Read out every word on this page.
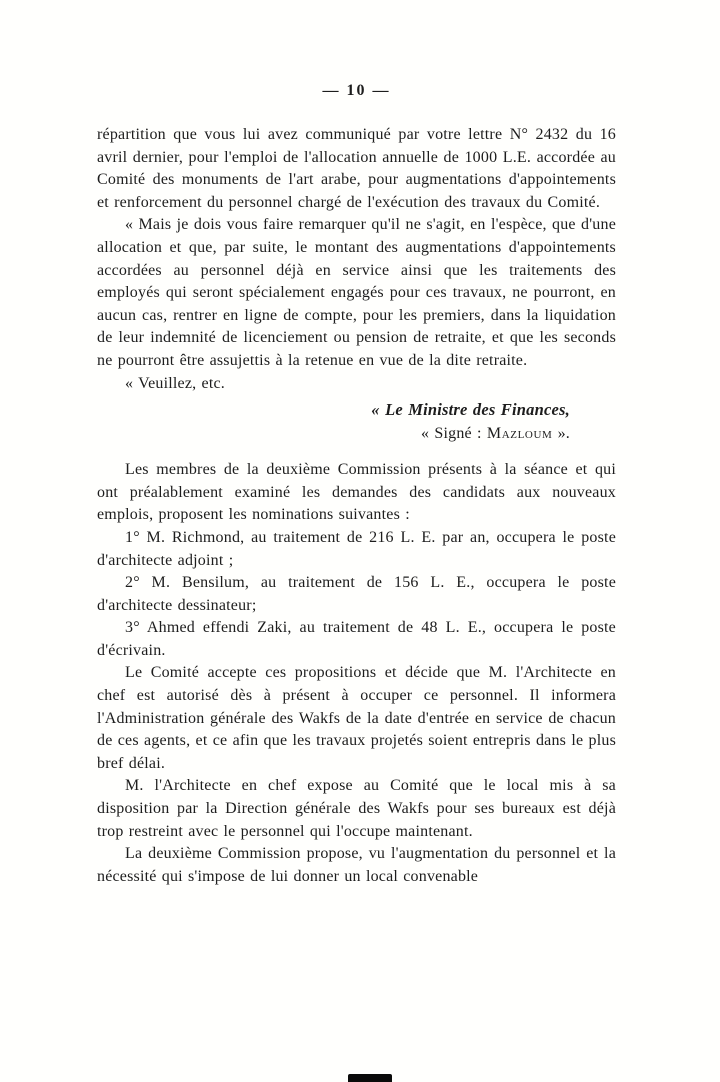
— 10 —

répartition que vous lui avez communiqué par votre lettre N° 2432 du 16 avril dernier, pour l'emploi de l'allocation annuelle de 1000 L.E. accordée au Comité des monuments de l'art arabe, pour augmentations d'appointements et renforcement du personnel chargé de l'exécution des travaux du Comité.

« Mais je dois vous faire remarquer qu'il ne s'agit, en l'espèce, que d'une allocation et que, par suite, le montant des augmentations d'appointements accordées au personnel déjà en service ainsi que les traitements des employés qui seront spécialement engagés pour ces travaux, ne pourront, en aucun cas, rentrer en ligne de compte, pour les premiers, dans la liquidation de leur indemnité de licenciement ou pension de retraite, et que les seconds ne pourront être assujettis à la retenue en vue de la dite retraite.

« Veuillez, etc.

« Le Ministre des Finances,
« Signé : Mazloum ».

Les membres de la deuxième Commission présents à la séance et qui ont préalablement examiné les demandes des candidats aux nouveaux emplois, proposent les nominations suivantes :

1° M. Richmond, au traitement de 216 L. E. par an, occupera le poste d'architecte adjoint ;

2° M. Bensilum, au traitement de 156 L. E., occupera le poste d'architecte dessinateur;

3° Ahmed effendi Zaki, au traitement de 48 L. E., occupera le poste d'écrivain.

Le Comité accepte ces propositions et décide que M. l'Architecte en chef est autorisé dès à présent à occuper ce personnel. Il informera l'Administration générale des Wakfs de la date d'entrée en service de chacun de ces agents, et ce afin que les travaux projetés soient entrepris dans le plus bref délai.

M. l'Architecte en chef expose au Comité que le local mis à sa disposition par la Direction générale des Wakfs pour ses bureaux est déjà trop restreint avec le personnel qui l'occupe maintenant.

La deuxième Commission propose, vu l'augmentation du personnel et la nécessité qui s'impose de lui donner un local convenable
